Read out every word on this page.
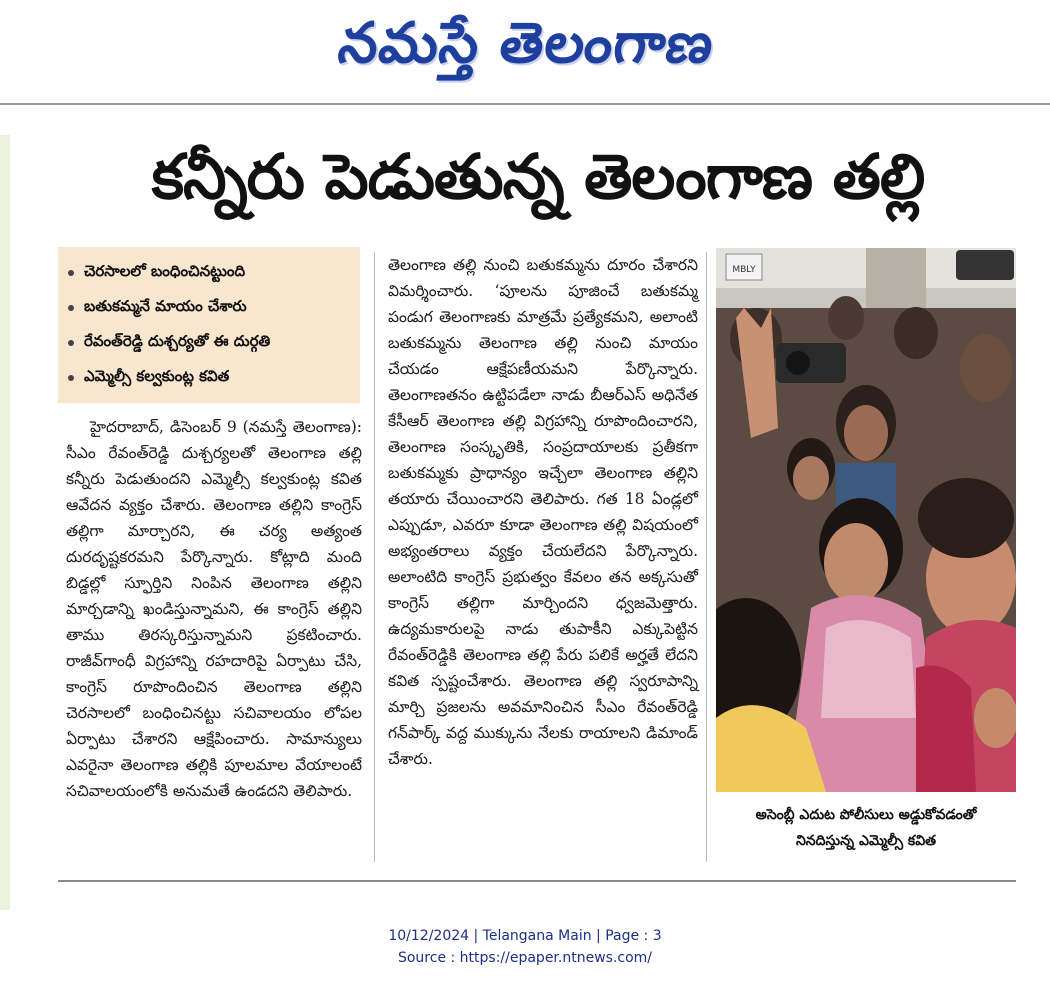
నమస్తే తెలంగాణ
కన్నీరు పెడుతున్న తెలంగాణ తల్లి
చెరసాలలో బంధించినట్టుంది
బతుకమ్మనే మాయం చేశారు
రేవంత్‌రెడ్డి దుశ్చర్యతో ఈ దుర్గతి
ఎమ్మెల్సీ కల్వకుంట్ల కవిత

హైదరాబాద్, డిసెంబర్ 9 (నమస్తే తెలంగాణ): సీఎం రేవంత్‌రెడ్డి దుశ్చర్యలతో తెలంగాణ తల్లి కన్నీరు పెడుతుందని ఎమ్మెల్సీ కల్వకుంట్ల కవిత ఆవేదన వ్యక్తం చేశారు. తెలంగాణ తల్లిని కాంగ్రెస్ తల్లిగా మార్చారని, ఈ చర్య అత్యంత దురదృష్టకరమని పేర్కొన్నారు. కోట్లాది మంది బిడ్డల్లో స్ఫూర్తిని నింపిన తెలంగాణ తల్లిని మార్చడాన్ని ఖండిస్తున్నామని, ఈ కాంగ్రెస్ తల్లిని తాము తిరస్కరిస్తున్నామని ప్రకటించారు. రాజీవ్‌గాంధీ విగ్రహాన్ని రహదారిపై ఏర్పాటు చేసి, కాంగ్రెస్ రూపొందించిన తెలంగాణ తల్లిని చెరసాలలో బంధించినట్టు సచివాలయం లోపల ఏర్పాటు చేశారని ఆక్షేపించారు. సామాన్యులు ఎవరైనా తెలంగాణ తల్లికి పూలమాల వేయాలంటే సచివాలయంలోకి అనుమతే ఉండదని తెలిపారు.

తెలంగాణ తల్లి నుంచి బతుకమ్మను దూరం చేశారని విమర్శించారు. ‘పూలను పూజించే బతుకమ్మ పండుగ తెలంగాణకు మాత్రమే ప్రత్యేకమని, అలాంటి బతుకమ్మను తెలంగాణ తల్లి నుంచి మాయం చేయడం ఆక్షేపణీయమని పేర్కొన్నారు. తెలంగాణతనం ఉట్టిపడేలా నాడు బీఆర్‌ఎస్ అధినేత కేసీఆర్ తెలంగాణ తల్లి విగ్రహాన్ని రూపొందించారని, తెలంగాణ సంస్కృతికి, సంప్రదాయాలకు ప్రతీకగా బతుకమ్మకు ప్రాధాన్యం ఇచ్చేలా తెలంగాణ తల్లిని తయారు చేయించారని తెలిపారు. గత 18 ఏండ్లలో ఎప్పుడూ, ఎవరూ కూడా తెలంగాణ తల్లి విషయంలో అభ్యంతరాలు వ్యక్తం చేయలేదని పేర్కొన్నారు. అలాంటిది కాంగ్రెస్ ప్రభుత్వం కేవలం తన అక్కసుతో కాంగ్రెస్ తల్లిగా మార్చిందని ధ్వజమెత్తారు. ఉద్యమకారులపై నాడు తుపాకీని ఎక్కుపెట్టిన రేవంత్‌రెడ్డికి తెలంగాణ తల్లి పేరు పలికే అర్హతే లేదని కవిత స్పష్టంచేశారు. తెలంగాణ తల్లి స్వరూపాన్ని మార్చి ప్రజలను అవమానించిన సీఎం రేవంత్‌రెడ్డి గన్‌పార్క్ వద్ద ముక్కును నేలకు రాయాలని డిమాండ్ చేశారు.

MBLY
అసెంబ్లీ ఎదుట పోలీసులు అడ్డుకోవడంతో
నినదిస్తున్న ఎమ్మెల్సీ కవిత
10/12/2024 | Telangana Main | Page : 3
Source : https://epaper.ntnews.com/
